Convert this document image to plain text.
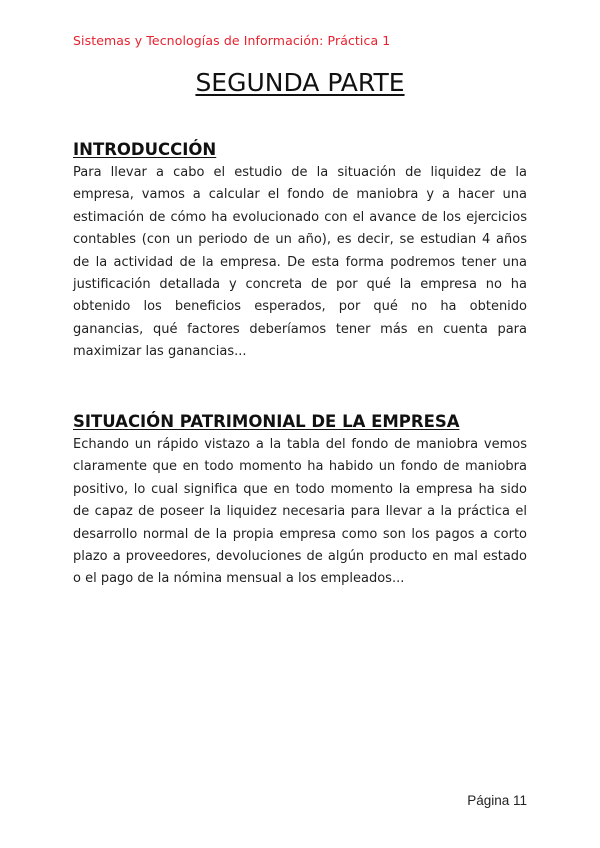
Sistemas y Tecnologías de Información: Práctica 1
SEGUNDA PARTE
INTRODUCCIÓN

Para llevar a cabo el estudio de la situación de liquidez de la empresa, vamos a calcular el fondo de maniobra y a hacer una estimación de cómo ha evolucionado con el avance de los ejercicios contables (con un periodo de un año), es decir, se estudian 4 años de la actividad de la empresa. De esta forma podremos tener una justificación detallada y concreta de por qué la empresa no ha obtenido los beneficios esperados, por qué no ha obtenido ganancias, qué factores deberíamos tener más en cuenta para maximizar las ganancias...

SITUACIÓN PATRIMONIAL DE LA EMPRESA

Echando un rápido vistazo a la tabla del fondo de maniobra vemos claramente que en todo momento ha habido un fondo de maniobra positivo, lo cual significa que en todo momento la empresa ha sido de capaz de poseer la liquidez necesaria para llevar a la práctica el desarrollo normal de la propia empresa como son los pagos a corto plazo a proveedores, devoluciones de algún producto en mal estado o el pago de la nómina mensual a los empleados...

Página 11
